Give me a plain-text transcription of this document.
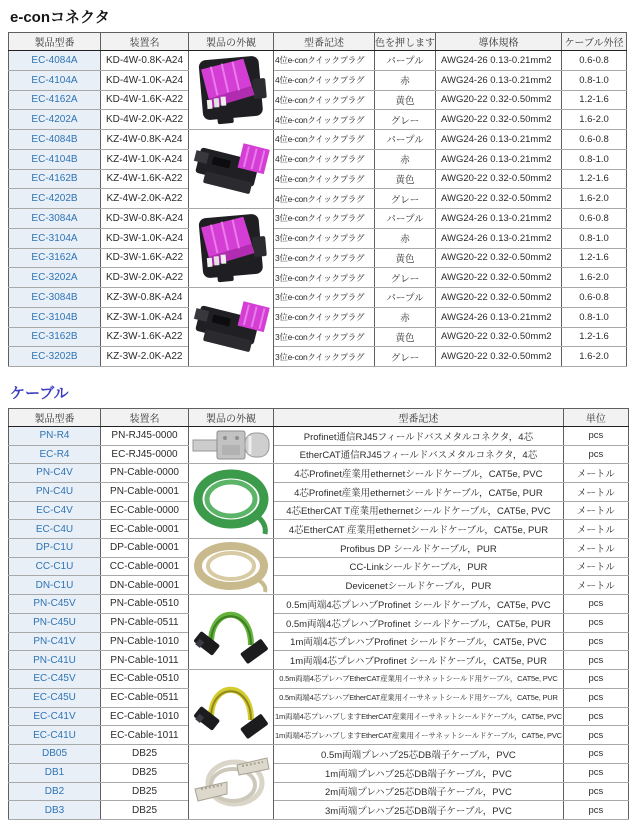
e-conコネクタ
製品型番	装置名	製品の外観	型番記述	色を押します	導体規格	ケーブル外径
EC-4084A	KD-4W-0.8K-A24		4位e-conクイックプラグ	パープル	AWG24-26 0.13-0.21mm2	0.6-0.8
EC-4104A	KD-4W-1.0K-A24		4位e-conクイックプラグ	赤	AWG24-26 0.13-0.21mm2	0.8-1.0
EC-4162A	KD-4W-1.6K-A22		4位e-conクイックプラグ	黄色	AWG20-22 0.32-0.50mm2	1.2-1.6
EC-4202A	KD-4W-2.0K-A22		4位e-conクイックプラグ	グレー	AWG20-22 0.32-0.50mm2	1.6-2.0
EC-4084B	KZ-4W-0.8K-A24		4位e-conクイックプラグ	パープル	AWG24-26 0.13-0.21mm2	0.6-0.8
EC-4104B	KZ-4W-1.0K-A24		4位e-conクイックプラグ	赤	AWG24-26 0.13-0.21mm2	0.8-1.0
EC-4162B	KZ-4W-1.6K-A22		4位e-conクイックプラグ	黄色	AWG20-22 0.32-0.50mm2	1.2-1.6
EC-4202B	KZ-4W-2.0K-A22		4位e-conクイックプラグ	グレー	AWG20-22 0.32-0.50mm2	1.6-2.0
EC-3084A	KD-3W-0.8K-A24		3位e-conクイックプラグ	パープル	AWG24-26 0.13-0.21mm2	0.6-0.8
EC-3104A	KD-3W-1.0K-A24		3位e-conクイックプラグ	赤	AWG24-26 0.13-0.21mm2	0.8-1.0
EC-3162A	KD-3W-1.6K-A22		3位e-conクイックプラグ	黄色	AWG20-22 0.32-0.50mm2	1.2-1.6
EC-3202A	KD-3W-2.0K-A22		3位e-conクイックプラグ	グレー	AWG20-22 0.32-0.50mm2	1.6-2.0
EC-3084B	KZ-3W-0.8K-A24		3位e-conクイックプラグ	パープル	AWG20-22 0.32-0.50mm2	0.6-0.8
EC-3104B	KZ-3W-1.0K-A24		3位e-conクイックプラグ	赤	AWG24-26 0.13-0.21mm2	0.8-1.0
EC-3162B	KZ-3W-1.6K-A22		3位e-conクイックプラグ	黄色	AWG20-22 0.32-0.50mm2	1.2-1.6
EC-3202B	KZ-3W-2.0K-A22		3位e-conクイックプラグ	グレー	AWG20-22 0.32-0.50mm2	1.6-2.0
ケーブル
製品型番	装置名	製品の外観	型番記述	単位
PN-R4	PN-RJ45-0000		Profinet通信RJ45フィールドバスメタルコネクタ，4芯	pcs
EC-R4	EC-RJ45-0000		EtherCAT通信RJ45フィールドバスメタルコネクタ，4芯	pcs
PN-C4V	PN-Cable-0000		4芯Profinet産業用ethernetシールドケーブル，CAT5e, PVC	メートル
PN-C4U	PN-Cable-0001		4芯Profinet産業用ethernetシールドケーブル，CAT5e, PUR	メートル
EC-C4V	EC-Cable-0000		4芯EtherCAT T産業用ethernetシールドケーブル，CAT5e, PVC	メートル
EC-C4U	EC-Cable-0001		4芯EtherCAT 産業用ethernetシールドケーブル，CAT5e, PUR	メートル
DP-C1U	DP-Cable-0001		Profibus DP シールドケーブル，PUR	メートル
CC-C1U	CC-Cable-0001		CC-Linkシールドケーブル，PUR	メートル
DN-C1U	DN-Cable-0001		Devicenetシールドケーブル，PUR	メートル
PN-C45V	PN-Cable-0510		0.5m両端4芯プレハブProfinet シールドケーブル，CAT5e, PVC	pcs
PN-C45U	PN-Cable-0511		0.5m両端4芯プレハブProfinet シールドケーブル，CAT5e, PUR	pcs
PN-C41V	PN-Cable-1010		1m両端4芯プレハブProfinet シールドケーブル，CAT5e, PVC	pcs
PN-C41U	PN-Cable-1011		1m両端4芯プレハブProfinet シールドケーブル，CAT5e, PUR	pcs
EC-C45V	EC-Cable-0510		0.5m両端4芯プレハブEtherCAT産業用イーサネットシールド用ケーブル，CAT5e, PVC	pcs
EC-C45U	EC-Cable-0511		0.5m両端4芯プレハブEtherCAT産業用イーサネットシールド用ケーブル，CAT5e, PUR	pcs
EC-C41V	EC-Cable-1010		1m両端4芯プレハブしますEtherCAT産業用イーサネットシールドケーブル，CAT5e, PVC	pcs
EC-C41U	EC-Cable-1011		1m両端4芯プレハブしますEtherCAT産業用イーサネットシールドケーブル，CAT5e, PVC	pcs
DB05	DB25		0.5m両端プレハブ25芯DB端子ケーブル，PVC	pcs
DB1	DB25		1m両端プレハブ25芯DB端子ケーブル，PVC	pcs
DB2	DB25		2m両端プレハブ25芯DB端子ケーブル，PVC	pcs
DB3	DB25		3m両端プレハブ25芯DB端子ケーブル，PVC	pcs
